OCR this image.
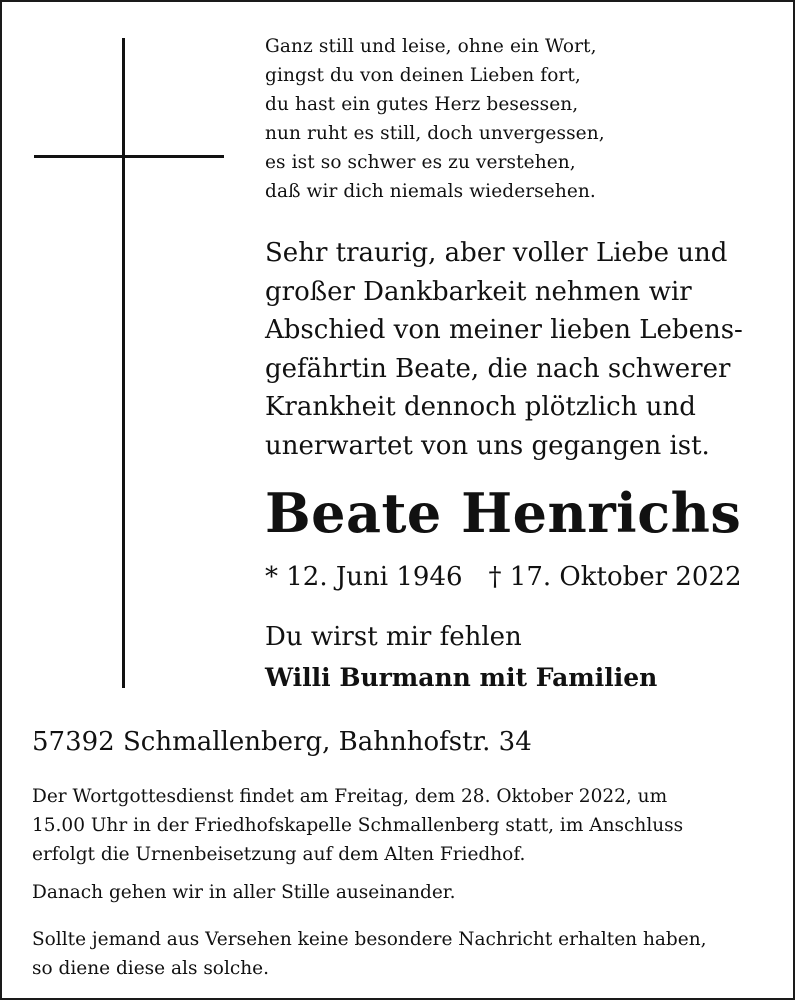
Ganz still und leise, ohne ein Wort,
gingst du von deinen Lieben fort,
du hast ein gutes Herz besessen,
nun ruht es still, doch unvergessen,
es ist so schwer es zu verstehen,
daß wir dich niemals wiedersehen.
Sehr traurig, aber voller Liebe und
großer Dankbarkeit nehmen wir
Abschied von meiner lieben Lebens-
gefährtin Beate, die nach schwerer
Krankheit dennoch plötzlich und
unerwartet von uns gegangen ist.
Beate Henrichs
* 12. Juni 1946 † 17. Oktober 2022
Du wirst mir fehlen
Willi Burmann mit Familien
57392 Schmallenberg, Bahnhofstr. 34
Der Wortgottesdienst findet am Freitag, dem 28. Oktober 2022, um
15.00 Uhr in der Friedhofskapelle Schmallenberg statt, im Anschluss
erfolgt die Urnenbeisetzung auf dem Alten Friedhof.
Danach gehen wir in aller Stille auseinander.
Sollte jemand aus Versehen keine besondere Nachricht erhalten haben,
so diene diese als solche.
